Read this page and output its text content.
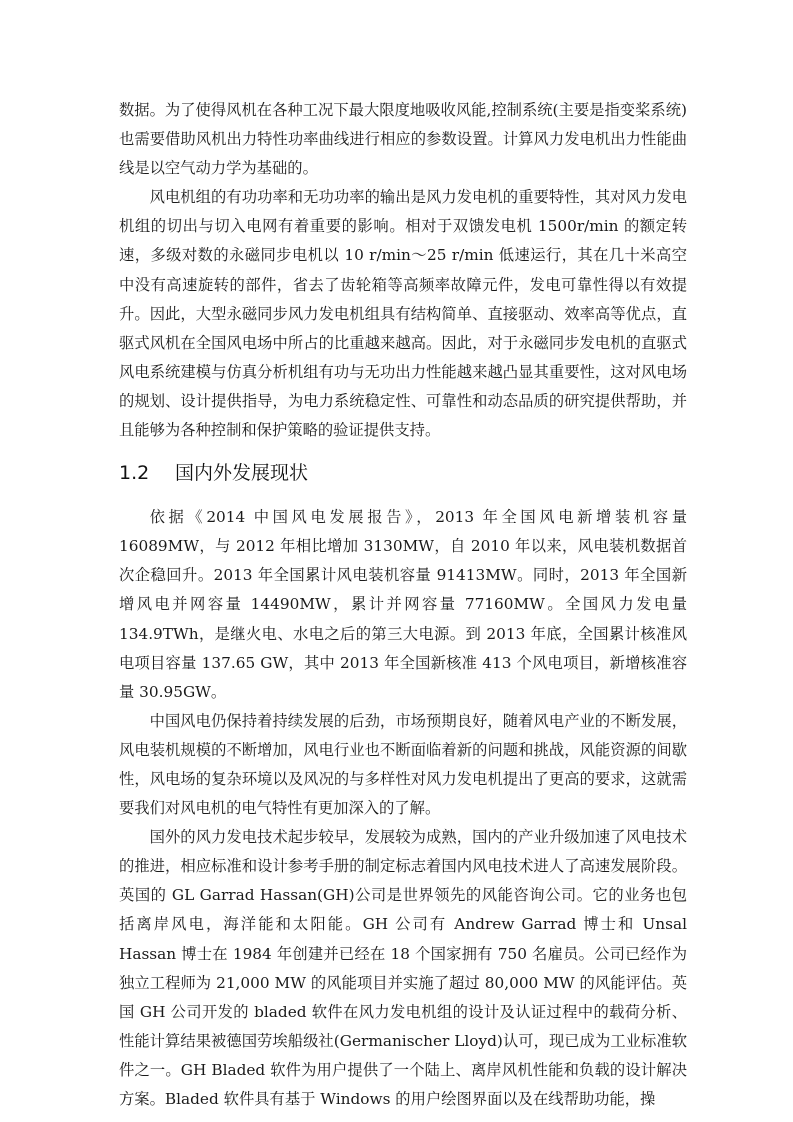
数据。为了使得风机在各种工况下最大限度地吸收风能,控制系统(主要是指变桨系统)也需要借助风机出力特性功率曲线进行相应的参数设置。计算风力发电机出力性能曲线是以空气动力学为基础的。

风电机组的有功功率和无功功率的输出是风力发电机的重要特性，其对风力发电机组的切出与切入电网有着重要的影响。相对于双馈发电机 1500r/min 的额定转速，多级对数的永磁同步电机以 10 r/min～25 r/min 低速运行，其在几十米高空中没有高速旋转的部件，省去了齿轮箱等高频率故障元件，发电可靠性得以有效提升。因此，大型永磁同步风力发电机组具有结构简单、直接驱动、效率高等优点，直驱式风机在全国风电场中所占的比重越来越高。因此，对于永磁同步发电机的直驱式风电系统建模与仿真分析机组有功与无功出力性能越来越凸显其重要性，这对风电场的规划、设计提供指导，为电力系统稳定性、可靠性和动态品质的研究提供帮助，并且能够为各种控制和保护策略的验证提供支持。

1.2	国内外发展现状

依据《2014 中国风电发展报告》，2013 年全国风电新增装机容量 16089MW，与 2012 年相比增加 3130MW，自 2010 年以来，风电装机数据首次企稳回升。2013 年全国累计风电装机容量 91413MW。同时，2013 年全国新增风电并网容量 14490MW，累计并网容量 77160MW。全国风力发电量 134.9TWh，是继火电、水电之后的第三大电源。到 2013 年底，全国累计核准风电项目容量 137.65 GW，其中 2013 年全国新核准 413 个风电项目，新增核准容量 30.95GW。

中国风电仍保持着持续发展的后劲，市场预期良好，随着风电产业的不断发展，风电装机规模的不断增加，风电行业也不断面临着新的问题和挑战，风能资源的间歇性，风电场的复杂环境以及风况的与多样性对风力发电机提出了更高的要求，这就需要我们对风电机的电气特性有更加深入的了解。

国外的风力发电技术起步较早，发展较为成熟，国内的产业升级加速了风电技术的推进，相应标准和设计参考手册的制定标志着国内风电技术进人了高速发展阶段。英国的 GL Garrad Hassan(GH)公司是世界领先的风能咨询公司。它的业务也包括离岸风电，海洋能和太阳能。GH 公司有 Andrew Garrad 博士和 Unsal Hassan 博士在 1984 年创建并已经在 18 个国家拥有 750 名雇员。公司已经作为独立工程师为 21,000 MW 的风能项目并实施了超过 80,000 MW 的风能评估。英国 GH 公司开发的 bladed 软件在风力发电机组的设计及认证过程中的载荷分析、性能计算结果被德国劳埃船级社(Germanischer Lloyd)认可，现已成为工业标准软件之一。GH Bladed 软件为用户提供了一个陆上、离岸风机性能和负载的设计解决方案。Bladed 软件具有基于 Windows 的用户绘图界面以及在线帮助功能，操
